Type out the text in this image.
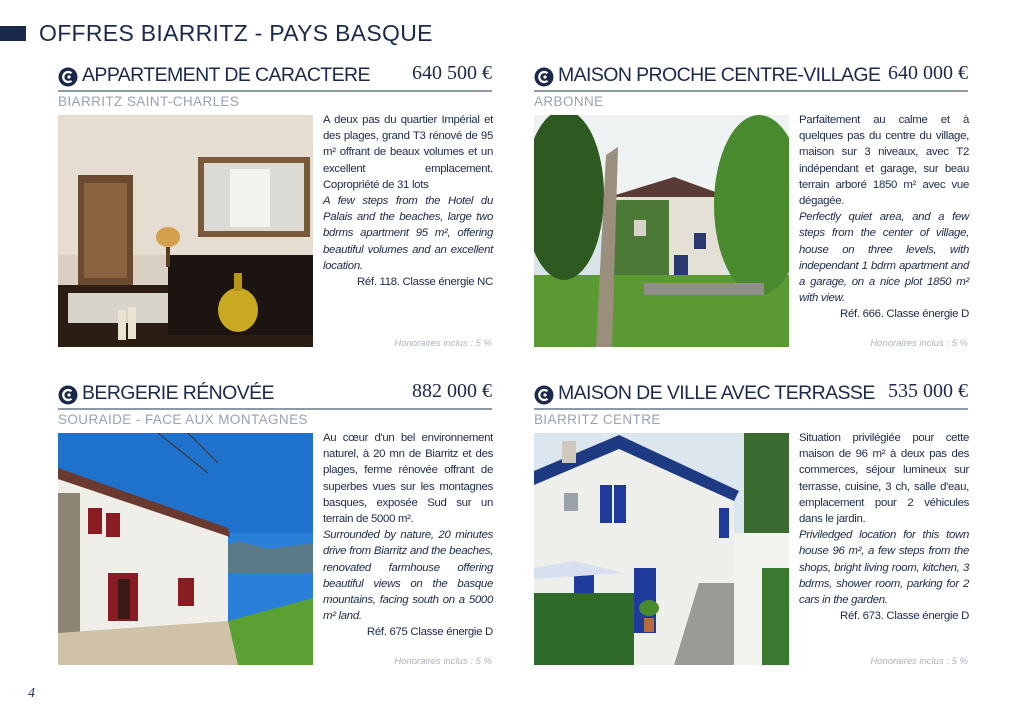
OFFRES BIARRITZ - PAYS BASQUE
APPARTEMENT DE CARACTERE 640 500 €
BIARRITZ SAINT-CHARLES

A deux pas du quartier Impérial et des plages, grand T3 rénové de 95 m² offrant de beaux volumes et un excellent emplacement. Copropriété de 31 lots

A few steps from the Hotel du Palais and the beaches, large two bdrms apartment 95 m², offering beautiful volumes and an excellent location.

Réf. 118. Classe énergie NC

Honoraires inclus : 5 %
MAISON PROCHE CENTRE-VILLAGE 640 000 €
ARBONNE

Parfaitement au calme et à quelques pas du centre du village, maison sur 3 niveaux, avec T2 indépendant et garage, sur beau terrain arboré 1850 m² avec vue dégagée.

Perfectly quiet area, and a few steps from the center of village, house on three levels, with independant 1 bdrm apartment and a garage, on a nice plot 1850 m² with view.

Réf. 666. Classe énergie D

Honoraires inclus : 5 %
BERGERIE RÉNOVÉE	882 000 €
SOURAIDE - FACE AUX MONTAGNES

Au cœur d'un bel environnement naturel, à 20 mn de Biarritz et des plages, ferme rénovée offrant de superbes vues sur les montagnes basques, exposée Sud sur un terrain de 5000 m².

Surrounded by nature, 20 minutes drive from Biarritz and the beaches, renovated farmhouse offering beautiful views on the basque mountains, facing south on a 5000 m² land.

Réf. 675 Classe énergie D

Honoraires inclus : 5 %
MAISON DE VILLE AVEC TERRASSE 535 000 €
BIARRITZ CENTRE

Situation privilégiée pour cette maison de 96 m² à deux pas des commerces, séjour lumineux sur terrasse, cuisine, 3 ch, salle d'eau, emplacement pour 2 véhicules dans le jardin.

Priviledged location for this town house 96 m², a few steps from the shops, bright living room, kitchen, 3 bdrms, shower room, parking for 2 cars in the garden.

Réf. 673. Classe énergie D

Honoraires inclus : 5 %
4
